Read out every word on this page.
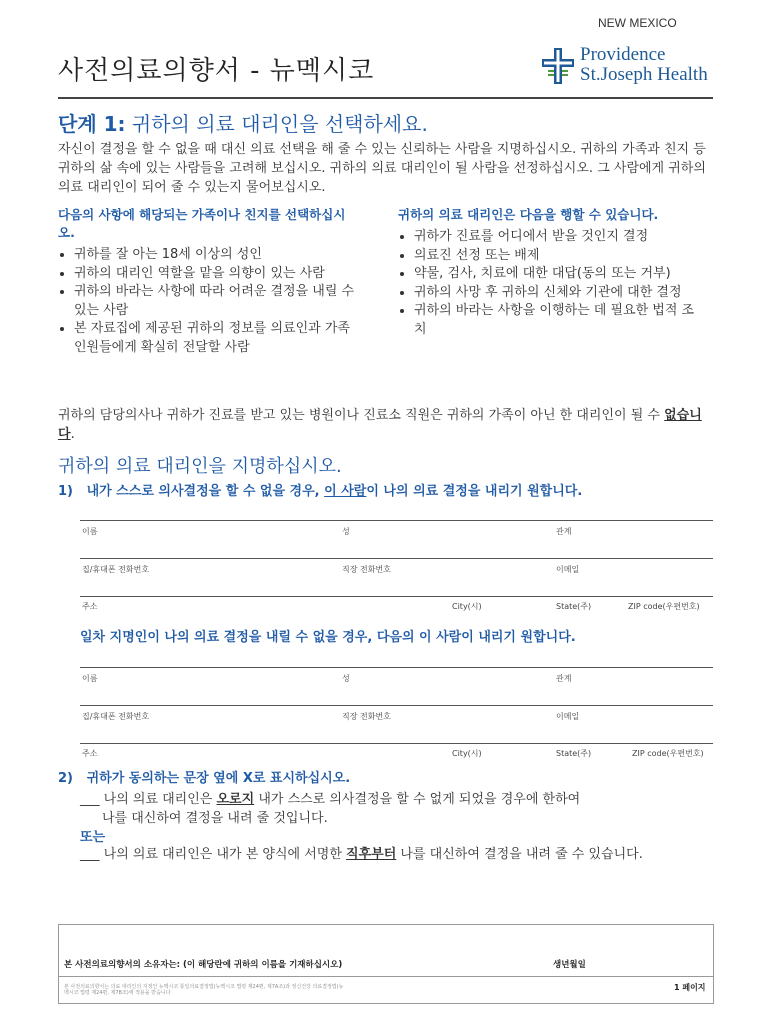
NEW MEXICO
사전의료의향서 - 뉴멕시코
Providence
St.Joseph Health
단계 1: 귀하의 의료 대리인을 선택하세요.
자신이 결정을 할 수 없을 때 대신 의료 선택을 해 줄 수 있는 신뢰하는 사람을 지명하십시오. 귀하의 가족과 친지 등 귀하의 삶 속에 있는 사람들을 고려해 보십시오. 귀하의 의료 대리인이 될 사람을 선정하십시오. 그 사람에게 귀하의 의료 대리인이 되어 줄 수 있는지 물어보십시오.
다음의 사항에 해당되는 가족이나 친지를 선택하십시오.
• 귀하를 잘 아는 18세 이상의 성인
• 귀하의 대리인 역할을 맡을 의향이 있는 사람
• 귀하의 바라는 사항에 따라 어려운 결정을 내릴 수 있는 사람
• 본 자료집에 제공된 귀하의 정보를 의료인과 가족 인원들에게 확실히 전달할 사람
귀하의 의료 대리인은 다음을 행할 수 있습니다.
• 귀하가 진료를 어디에서 받을 것인지 결정
• 의료진 선정 또는 배제
• 약물, 검사, 치료에 대한 대답(동의 또는 거부)
• 귀하의 사망 후 귀하의 신체와 기관에 대한 결정
• 귀하의 바라는 사항을 이행하는 데 필요한 법적 조치
귀하의 담당의사나 귀하가 진료를 받고 있는 병원이나 진료소 직원은 귀하의 가족이 아닌 한 대리인이 될 수 없습니다.
귀하의 의료 대리인을 지명하십시오.
1) 내가 스스로 의사결정을 할 수 없을 경우, 이 사람이 나의 의료 결정을 내리기 원합니다.
이름	성	관계
집/휴대폰 전화번호	직장 전화번호	이메일
주소	City(시)	State(주)	ZIP code(우편번호)
일차 지명인이 나의 의료 결정을 내릴 수 없을 경우, 다음의 이 사람이 내리기 원합니다.
이름	성	관계
집/휴대폰 전화번호	직장 전화번호	이메일
주소	City(시)	State(주)	ZIP code(우편번호)
2) 귀하가 동의하는 문장 옆에 X로 표시하십시오.
___ 나의 의료 대리인은 오로지 내가 스스로 의사결정을 할 수 없게 되었을 경우에 한하여
나를 대신하여 결정을 내려 줄 것입니다.
또는
___ 나의 의료 대리인은 내가 본 양식에 서명한 직후부터 나를 대신하여 결정을 내려 줄 수 있습니다.
본 사전의료의향서의 소유자는: (이 해당란에 귀하의 이름을 기재하십시오)	생년월일
본 사전의료의향서는 의료 대리인의 지정인 뉴멕시코 통일의료결정법(뉴멕시코 법령 제24편, 제7A조)과 정신건강 의료결정법(뉴멕시코 법령 제24편, 제7B조)에 적용을 받습니다
1 페이지
